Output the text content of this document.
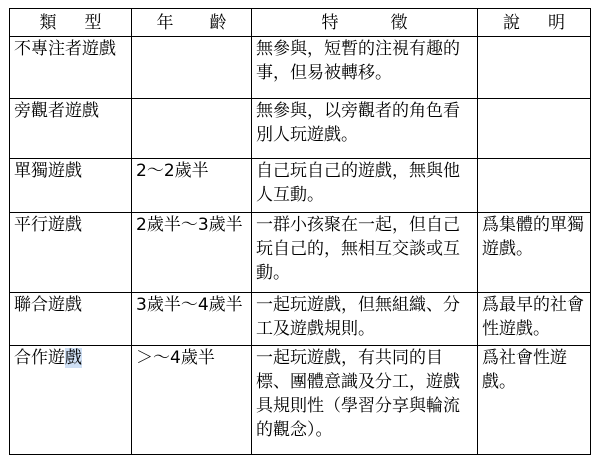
類 型	年 齡	特 徵	說 明
不專注者遊戲		無參與，短暫的注視有趣的事，但易被轉移。	
旁觀者遊戲		無參與，以旁觀者的角色看別人玩遊戲。	
單獨遊戲	2～2歲半	自己玩自己的遊戲，無與他人互動。	
平行遊戲	2歲半～3歲半	一群小孩聚在一起，但自己玩自己的，無相互交談或互動。	爲集體的單獨遊戲。
聯合遊戲	3歲半～4歲半	一起玩遊戲，但無組織、分工及遊戲規則。	爲最早的社會性遊戲。
合作遊戲	＞～4歲半	一起玩遊戲，有共同的目標、團體意識及分工，遊戲具規則性（學習分享與輪流的觀念）。	爲社會性遊戲。
